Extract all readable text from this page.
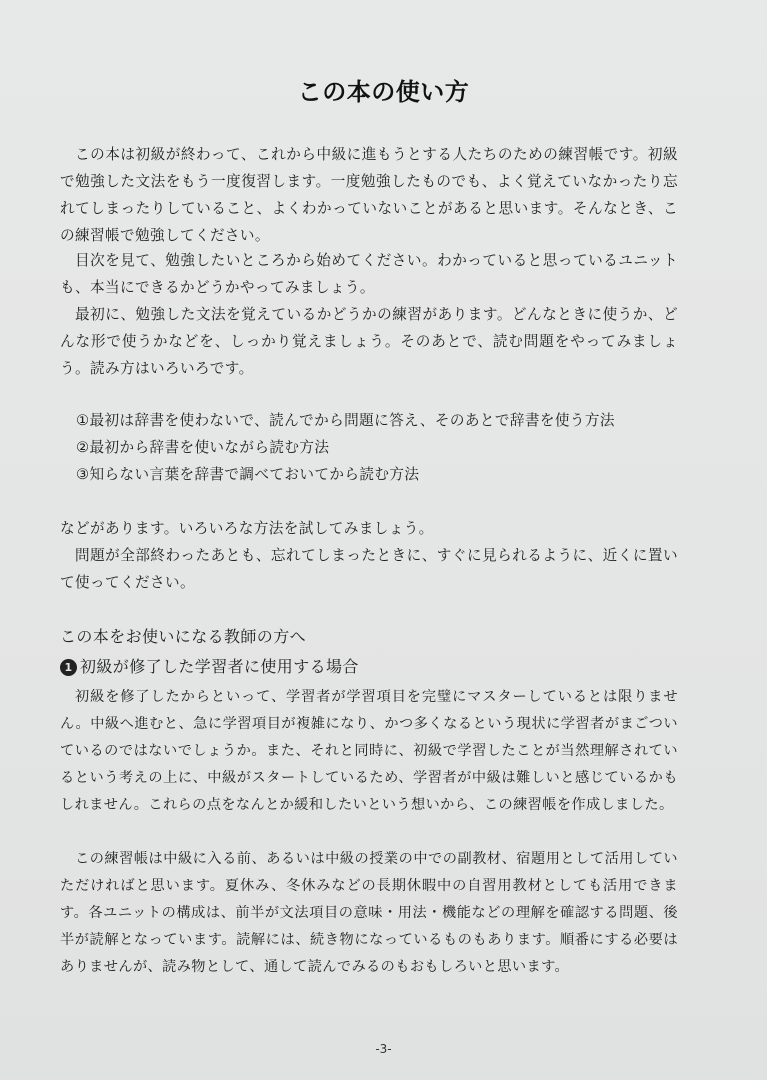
この本の使い方

この本は初級が終わって、これから中級に進もうとする人たちのための練習帳です。初級で勉強した文法をもう一度復習します。一度勉強したものでも、よく覚えていなかったり忘れてしまったりしていること、よくわかっていないことがあると思います。そんなとき、この練習帳で勉強してください。

目次を見て、勉強したいところから始めてください。わかっていると思っているユニットも、本当にできるかどうかやってみましょう。

最初に、勉強した文法を覚えているかどうかの練習があります。どんなときに使うか、どんな形で使うかなどを、しっかり覚えましょう。そのあとで、読む問題をやってみましょう。読み方はいろいろです。

①最初は辞書を使わないで、読んでから問題に答え、そのあとで辞書を使う方法

②最初から辞書を使いながら読む方法

③知らない言葉を辞書で調べておいてから読む方法

などがあります。いろいろな方法を試してみましょう。

問題が全部終わったあとも、忘れてしまったときに、すぐに見られるように、近くに置いて使ってください。

この本をお使いになる教師の方へ

1 初級が修了した学習者に使用する場合

初級を修了したからといって、学習者が学習項目を完璧にマスターしているとは限りません。中級へ進むと、急に学習項目が複雑になり、かつ多くなるという現状に学習者がまごついているのではないでしょうか。また、それと同時に、初級で学習したことが当然理解されているという考えの上に、中級がスタートしているため、学習者が中級は難しいと感じているかもしれません。これらの点をなんとか緩和したいという想いから、この練習帳を作成しました。

この練習帳は中級に入る前、あるいは中級の授業の中での副教材、宿題用として活用していただければと思います。夏休み、冬休みなどの長期休暇中の自習用教材としても活用できます。各ユニットの構成は、前半が文法項目の意味・用法・機能などの理解を確認する問題、後半が読解となっています。読解には、続き物になっているものもあります。順番にする必要はありませんが、読み物として、通して読んでみるのもおもしろいと思います。

-3-
